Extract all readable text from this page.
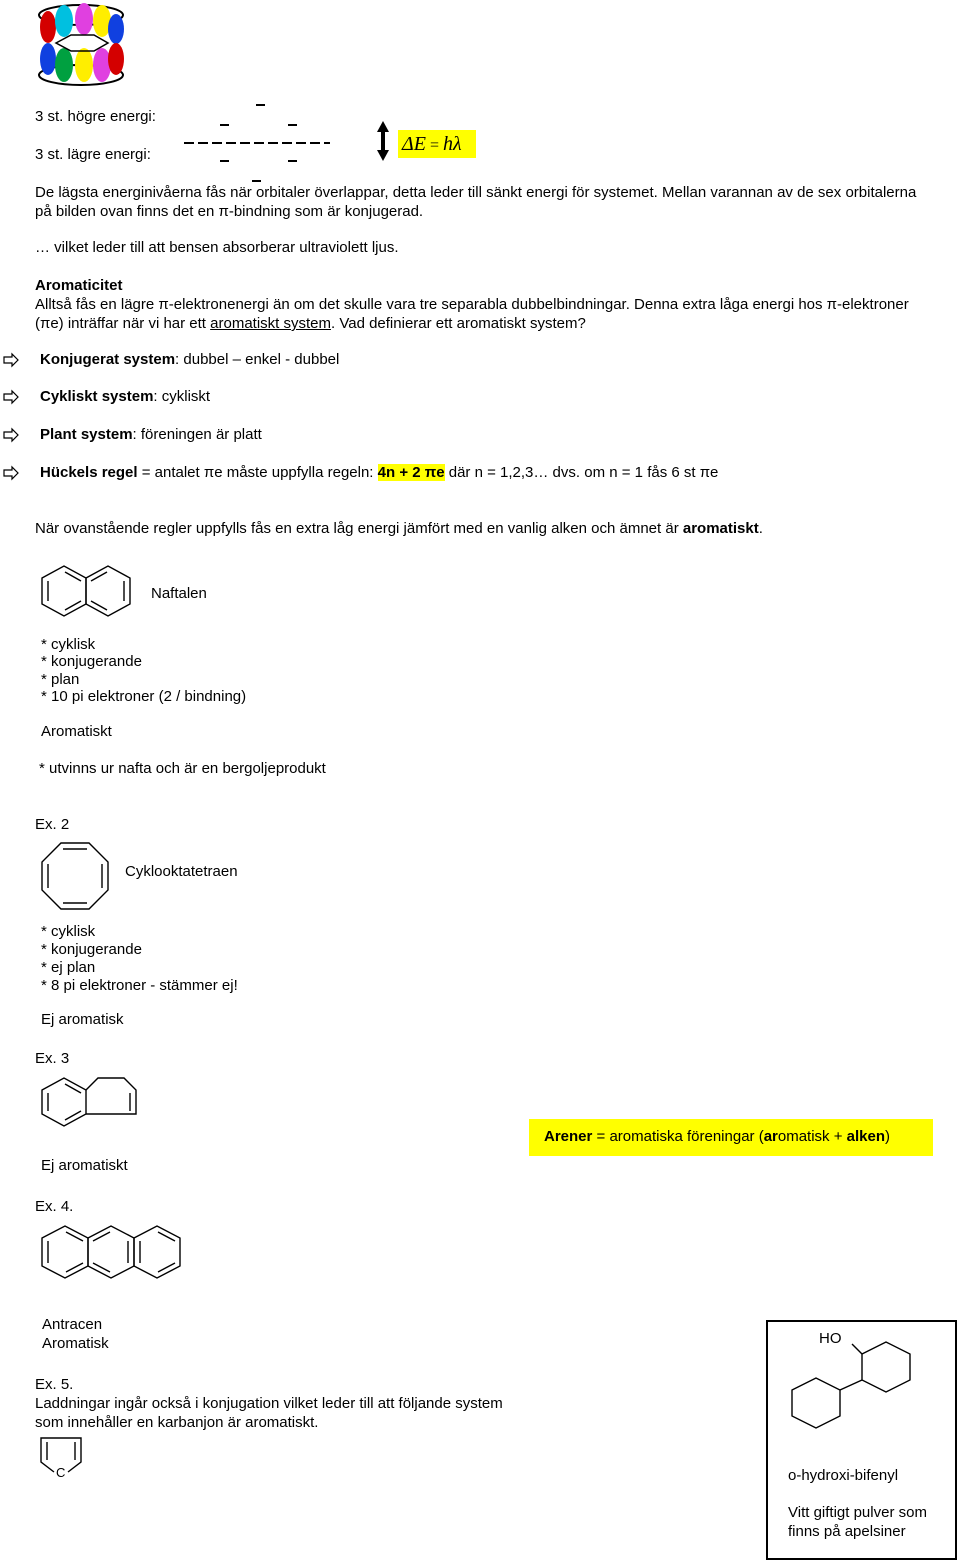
3 st. högre energi:
3 st. lägre energi:	ΔE = hλ
De lägsta energinivåerna fås när orbitaler överlappar, detta leder till sänkt energi för systemet. Mellan varannan av de sex orbitalerna på bilden ovan finns det en π-bindning som är konjugerad.
… vilket leder till att bensen absorberar ultraviolett ljus.
Aromaticitet
Alltså fås en lägre π-elektronenergi än om det skulle vara tre separabla dubbelbindningar. Denna extra låga energi hos π-elektroner (πe) inträffar när vi har ett aromatiskt system. Vad definierar ett aromatiskt system?
Konjugerat system: dubbel – enkel - dubbel
Cykliskt system: cykliskt
Plant system: föreningen är platt
Hückels regel = antalet πe måste uppfylla regeln: 4n + 2 πe där n = 1,2,3… dvs. om n = 1 fås 6 st πe
När ovanstående regler uppfylls fås en extra låg energi jämfört med en vanlig alken och ämnet är aromatiskt.
Naftalen
* cyklisk
* konjugerande
* plan
* 10 pi elektroner (2 / bindning)
Aromatiskt
* utvinns ur nafta och är en bergoljeprodukt
Ex. 2
Cyklooktatetraen
* cyklisk
* konjugerande
* ej plan
* 8 pi elektroner - stämmer ej!
Ej aromatisk
Ex. 3
Ej aromatiskt
Arener = aromatiska föreningar (aromatisk + alken)
Ex. 4.
Antracen
Aromatisk
Ex. 5.
Laddningar ingår också i konjugation vilket leder till att följande system som innehåller en karbanjon är aromatiskt.
C
HO
o-hydroxi-bifenyl
Vitt giftigt pulver som finns på apelsiner
